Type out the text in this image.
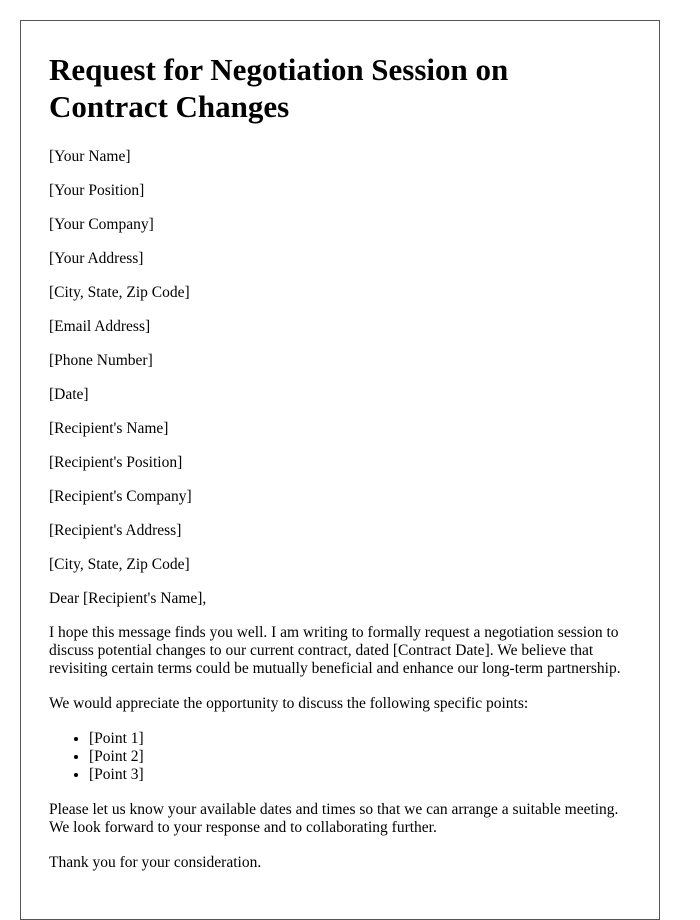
Request for Negotiation Session on Contract Changes

[Your Name]

[Your Position]

[Your Company]

[Your Address]

[City, State, Zip Code]

[Email Address]

[Phone Number]

[Date]

[Recipient's Name]

[Recipient's Position]

[Recipient's Company]

[Recipient's Address]

[City, State, Zip Code]

Dear [Recipient's Name],

I hope this message finds you well. I am writing to formally request a negotiation session to discuss potential changes to our current contract, dated [Contract Date]. We believe that revisiting certain terms could be mutually beneficial and enhance our long-term partnership.

We would appreciate the opportunity to discuss the following specific points:

• [Point 1]
• [Point 2]
• [Point 3]

Please let us know your available dates and times so that we can arrange a suitable meeting. We look forward to your response and to collaborating further.

Thank you for your consideration.
